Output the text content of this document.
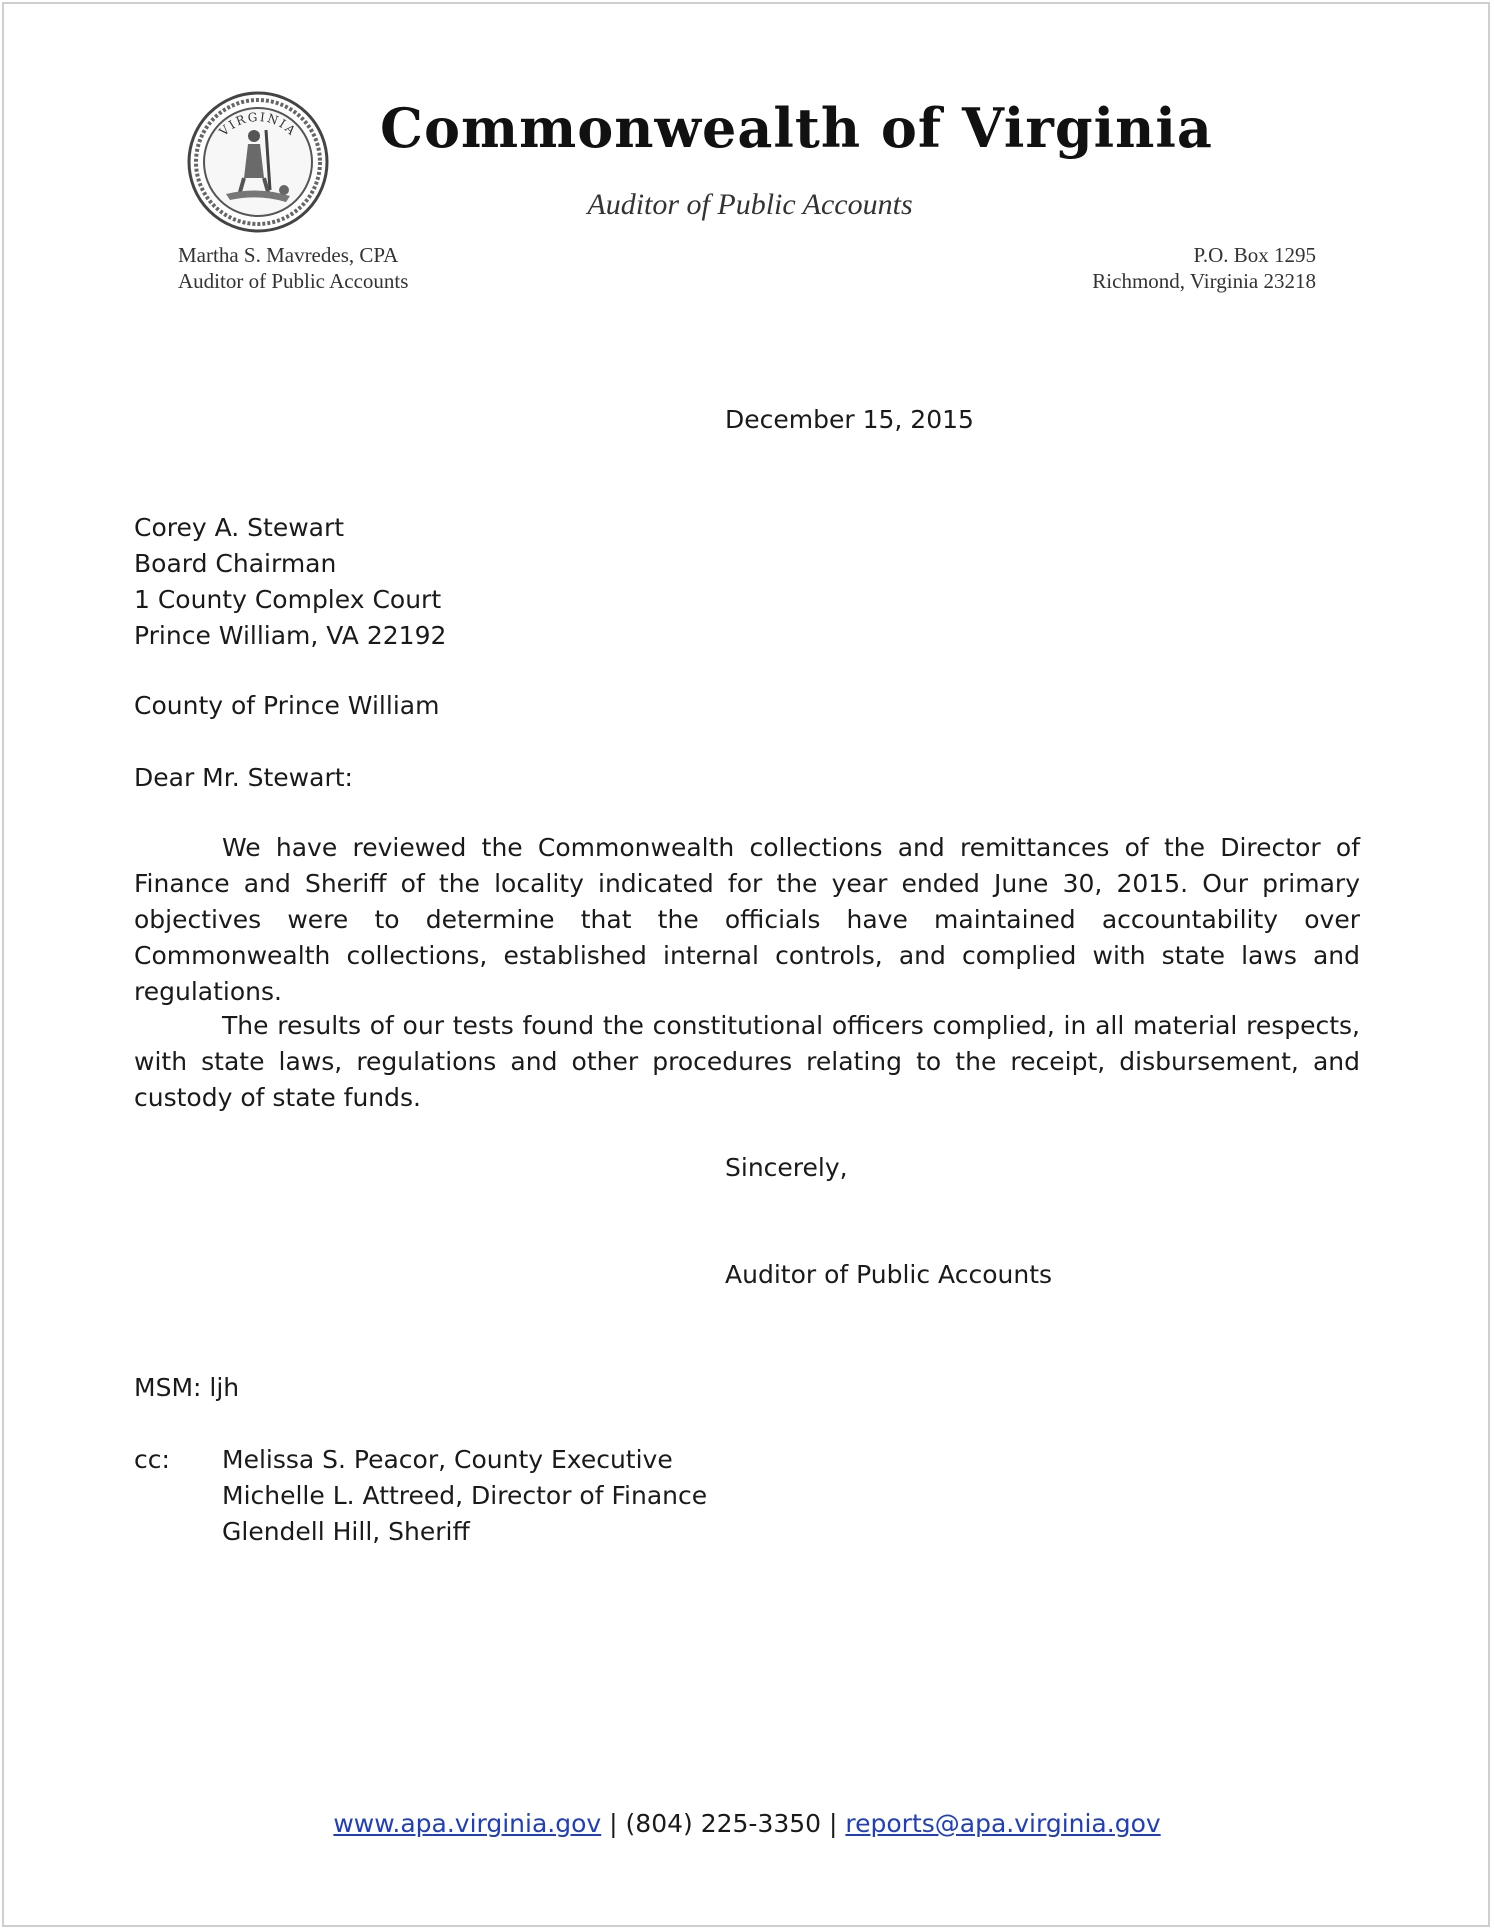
VIRGINIA Commonwealth of Virginia
Auditor of Public Accounts
Martha S. Mavredes, CPA
Auditor of Public Accounts
P.O. Box 1295
Richmond, Virginia 23218
December 15, 2015
Corey A. Stewart
Board Chairman
1 County Complex Court
Prince William, VA 22192
County of Prince William
Dear Mr. Stewart:

We have reviewed the Commonwealth collections and remittances of the Director of Finance and Sheriff of the locality indicated for the year ended June 30, 2015. Our primary objectives were to determine that the officials have maintained accountability over Commonwealth collections, established internal controls, and complied with state laws and regulations.

The results of our tests found the constitutional officers complied, in all material respects, with state laws, regulations and other procedures relating to the receipt, disbursement, and custody of state funds.

Sincerely,
Auditor of Public Accounts
MSM: ljh
cc: Melissa S. Peacor, County Executive
Michelle L. Attreed, Director of Finance
Glendell Hill, Sheriff
www.apa.virginia.gov | (804) 225-3350 | reports@apa.virginia.gov
